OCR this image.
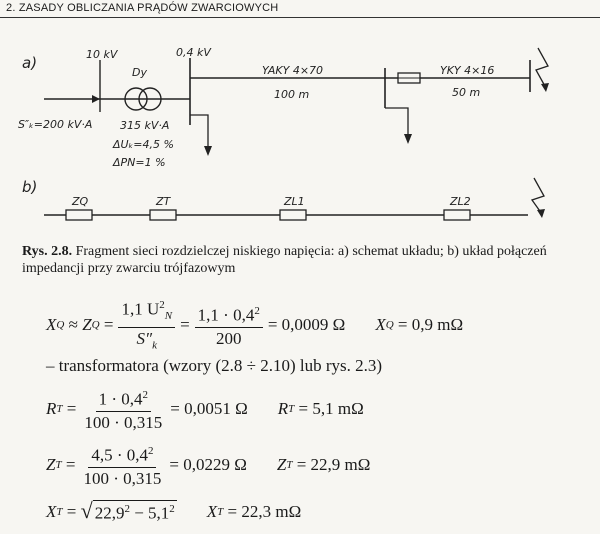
2. ZASADY OBLICZANIA PRĄDÓW ZWARCIOWYCH
a)	10 kV
S″ₖ=200 kV·A
Dy
315 kV·A
ΔUₖ=4,5 %
ΔPN=1 %
0,4 kV
YAKY 4×70
100 m
YKY 4×16
50 m
b)
ZQ	ZT	ZL1	ZL2
Rys. 2.8. Fragment sieci rozdzielczej niskiego napięcia: a) schemat układu; b) układ połączeń impedancji przy zwarciu trójfazowym
X Q
≈
Z Q
= $\frac{1,1 U^2_N}{S''_k} = \frac{1,1 \cdot 0,4^2}{200} = 0,0009$ Ω X Q
= 0,9 mΩ
– transformatora (wzory (2.8 ÷ 2.10) lub rys. 2.3)
R $T = \frac{1 \cdot 0,4^2}{100 \cdot 0,315} = 0,0051$ Ω R T
= 5,1 mΩ
Z $T = \frac{4,5 \cdot 0,4^2}{100 \cdot 0,315} = 0,0229$ Ω Z T
= 22,9 mΩ
X T = √ $22,9^2 - 5,1^2$ X T
= 22,3 mΩ
